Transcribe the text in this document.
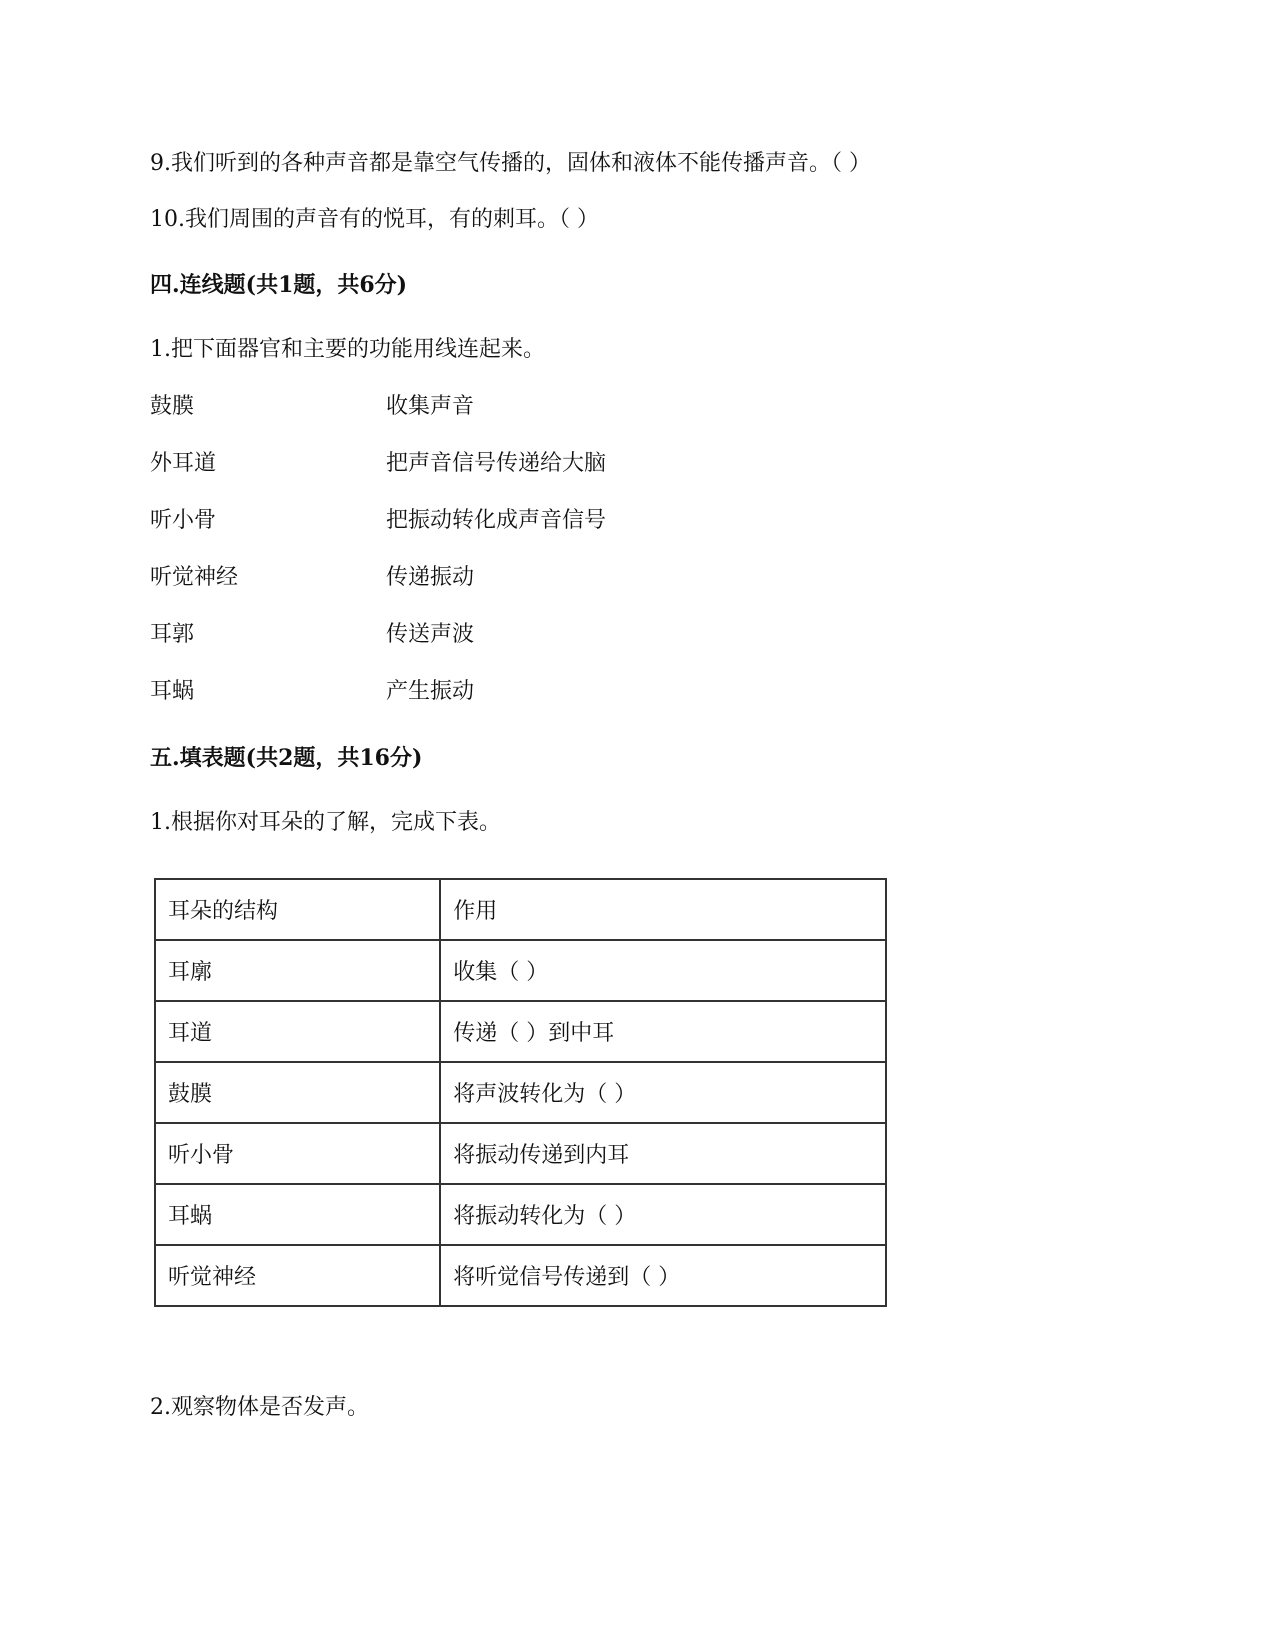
9.我们听到的各种声音都是靠空气传播的，固体和液体不能传播声音。（ ）
10.我们周围的声音有的悦耳，有的刺耳。（ ）
四.连线题(共1题，共6分)
1.把下面器官和主要的功能用线连起来。
鼓膜	收集声音
外耳道	把声音信号传递给大脑
听小骨	把振动转化成声音信号
听觉神经	传递振动
耳郭	传送声波
耳蜗	产生振动
五.填表题(共2题，共16分)
1.根据你对耳朵的了解，完成下表。
耳朵的结构	作用
耳廓	收集（ ）
耳道	传递（ ）到中耳
鼓膜	将声波转化为（ ）
听小骨	将振动传递到内耳
耳蜗	将振动转化为（ ）
听觉神经	将听觉信号传递到（ ）
2.观察物体是否发声。
